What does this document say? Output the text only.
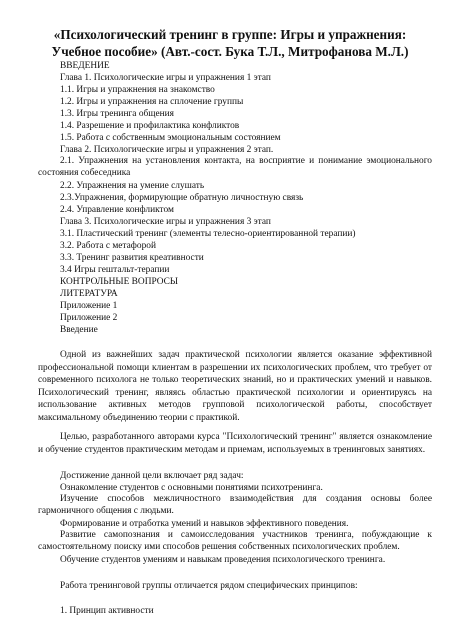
«Психологический тренинг в группе: Игры и упражнения:
Учебное пособие» (Авт.-сост. Бука Т.Л., Митрофанова М.Л.)
ВВЕДЕНИЕ
Глава 1. Психологические игры и упражнения 1 этап
1.1. Игры и упражнения на знакомство
1.2. Игры и упражнения на сплочение группы
1.3. Игры тренинга общения
1.4. Разрешение и профилактика конфликтов
1.5. Работа с собственным эмоциональным состоянием
Глава 2. Психологические игры и упражнения 2 этап.
2.1. Упражнения на установления контакта, на восприятие и понимание эмоционального состояния собеседника
2.2. Упражнения на умение слушать
2.3.Упражнения, формирующие обратную личностную связь
2.4. Управление конфликтом
Глава 3. Психологические игры и упражнения 3 этап
3.1. Пластический тренинг (элементы телесно-ориентированной терапии)
3.2. Работа с метафорой
3.3. Тренинг развития креативности
3.4 Игры гештальт-терапии
КОНТРОЛЬНЫЕ ВОПРОСЫ
ЛИТЕРАТУРА
Приложение 1
Приложение 2
Введение
Одной из важнейших задач практической психологии является оказание эффективной профессиональной помощи клиентам в разрешении их психологических проблем, что требует от современного психолога не только теоретических знаний, но и практических умений и навыков. Психологический тренинг, являясь областью практической психологии и ориентируясь на использование активных методов групповой психологической работы, способствует максимальному объединению теории с практикой.
Целью, разработанного авторами курса "Психологический тренинг" является ознакомление и обучение студентов практическим методам и приемам, используемых в тренинговых занятиях.
Достижение данной цели включает ряд задач:
Ознакомление студентов с основными понятиями психотренинга.
Изучение способов межличностного взаимодействия для создания основы более гармоничного общения с людьми.
Формирование и отработка умений и навыков эффективного поведения.
Развитие самопознания и самоисследования участников тренинга, побуждающие к самостоятельному поиску ими способов решения собственных психологических проблем.
Обучение студентов умениям и навыкам проведения психологического тренинга.
Работа тренинговой группы отличается рядом специфических принципов:
1. Принцип активности
